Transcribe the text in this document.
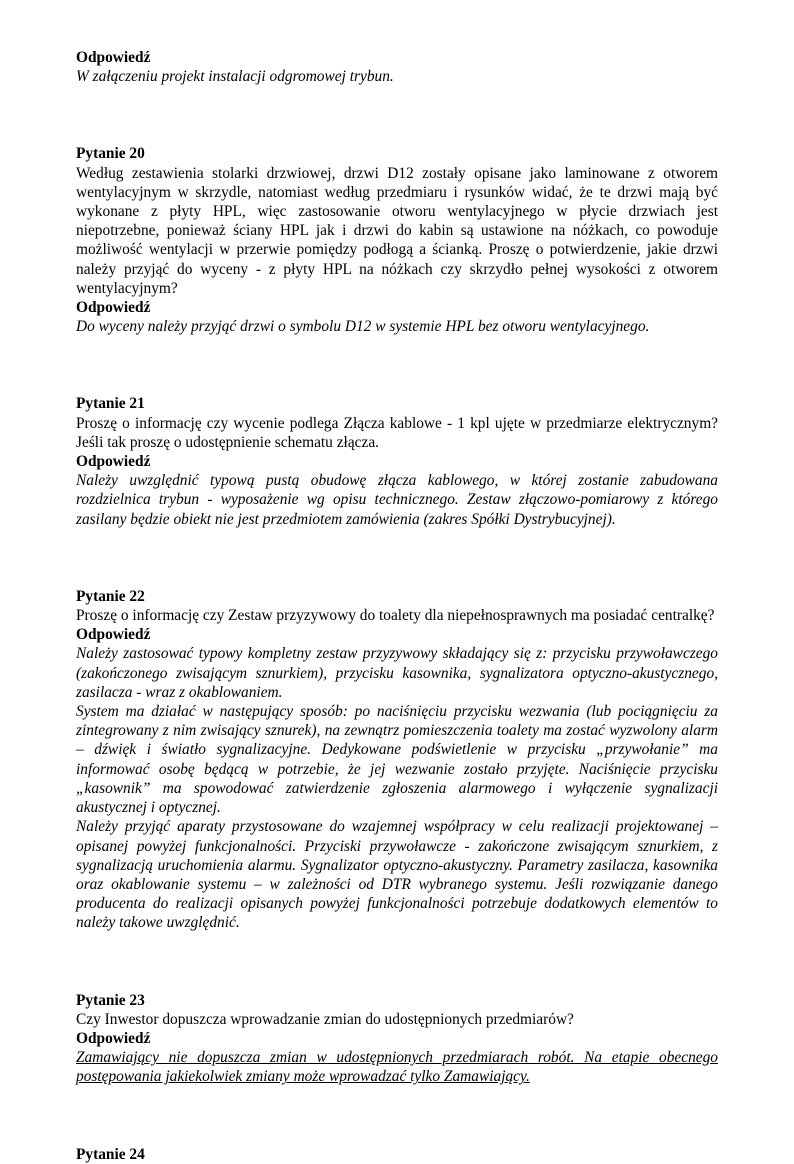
Odpowiedź

W załączeniu projekt instalacji odgromowej trybun.

Pytanie 20

Według zestawienia stolarki drzwiowej, drzwi D12 zostały opisane jako laminowane z otworem wentylacyjnym w skrzydle, natomiast według przedmiaru i rysunków widać, że te drzwi mają być wykonane z płyty HPL, więc zastosowanie otworu wentylacyjnego w płycie drzwiach jest niepotrzebne, ponieważ ściany HPL jak i drzwi do kabin są ustawione na nóżkach, co powoduje możliwość wentylacji w przerwie pomiędzy podłogą a ścianką. Proszę o potwierdzenie, jakie drzwi należy przyjąć do wyceny - z płyty HPL na nóżkach czy skrzydło pełnej wysokości z otworem wentylacyjnym?

Odpowiedź

Do wyceny należy przyjąć drzwi o symbolu D12 w systemie HPL bez otworu wentylacyjnego.

Pytanie 21

Proszę o informację czy wycenie podlega Złącza kablowe - 1 kpl ujęte w przedmiarze elektrycznym? Jeśli tak proszę o udostępnienie schematu złącza.

Odpowiedź

Należy uwzględnić typową pustą obudowę złącza kablowego, w której zostanie zabudowana rozdzielnica trybun - wyposażenie wg opisu technicznego. Zestaw złączowo-pomiarowy z którego zasilany będzie obiekt nie jest przedmiotem zamówienia (zakres Spółki Dystrybucyjnej).

Pytanie 22

Proszę o informację czy Zestaw przyzywowy do toalety dla niepełnosprawnych ma posiadać centralkę?

Odpowiedź

Należy zastosować typowy kompletny zestaw przyzywowy składający się z: przycisku przywoławczego (zakończonego zwisającym sznurkiem), przycisku kasownika, sygnalizatora optyczno-akustycznego, zasilacza - wraz z okablowaniem.

System ma działać w następujący sposób: po naciśnięciu przycisku wezwania (lub pociągnięciu za zintegrowany z nim zwisający sznurek), na zewnątrz pomieszczenia toalety ma zostać wyzwolony alarm – dźwięk i światło sygnalizacyjne. Dedykowane podświetlenie w przycisku „przywołanie” ma informować osobę będącą w potrzebie, że jej wezwanie zostało przyjęte. Naciśnięcie przycisku „kasownik” ma spowodować zatwierdzenie zgłoszenia alarmowego i wyłączenie sygnalizacji akustycznej i optycznej.

Należy przyjąć aparaty przystosowane do wzajemnej współpracy w celu realizacji projektowanej – opisanej powyżej funkcjonalności. Przyciski przywoławcze - zakończone zwisającym sznurkiem, z sygnalizacją uruchomienia alarmu. Sygnalizator optyczno-akustyczny. Parametry zasilacza, kasownika oraz okablowanie systemu – w zależności od DTR wybranego systemu. Jeśli rozwiązanie danego producenta do realizacji opisanych powyżej funkcjonalności potrzebuje dodatkowych elementów to należy takowe uwzględnić.

Pytanie 23

Czy Inwestor dopuszcza wprowadzanie zmian do udostępnionych przedmiarów?

Odpowiedź

Zamawiający nie dopuszcza zmian w udostępnionych przedmiarach robót. Na etapie obecnego postępowania jakiekolwiek zmiany może wprowadzać tylko Zamawiający.

Pytanie 24
